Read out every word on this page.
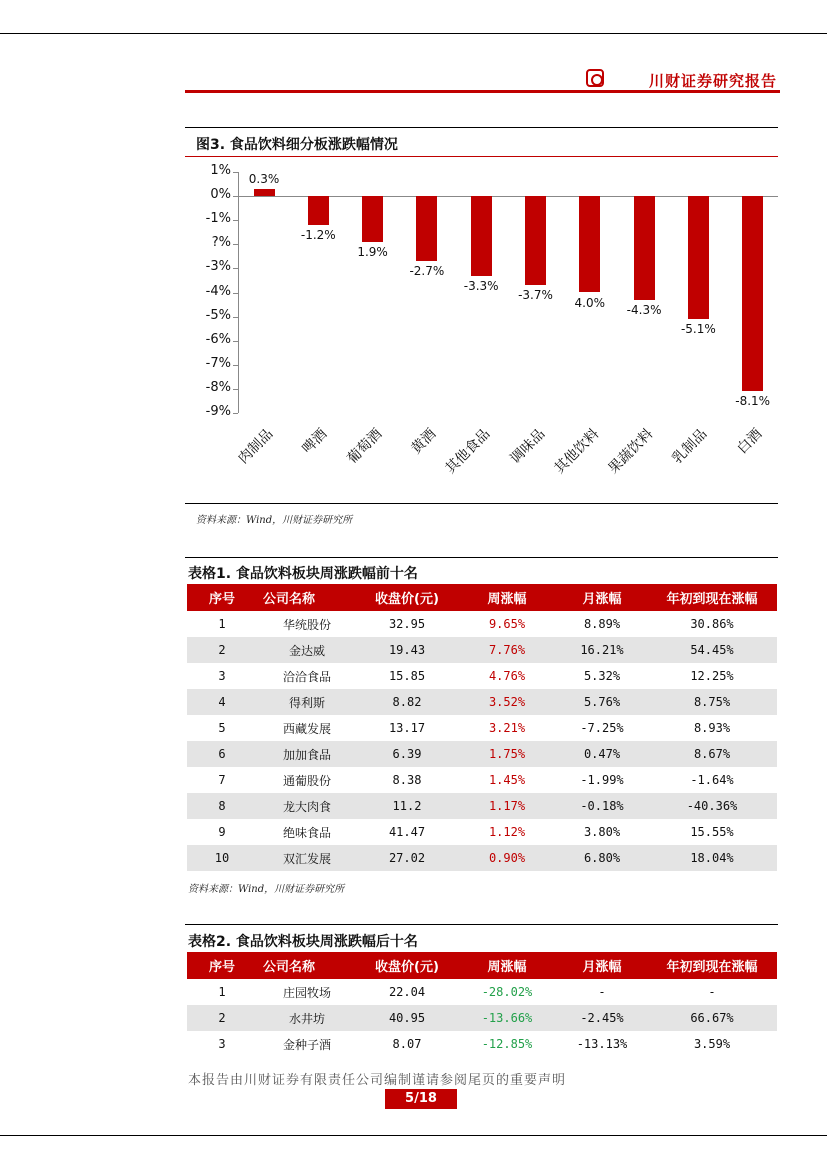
川财证券研究报告
图3. 食品饮料细分板涨跌幅情况
1%
0%
-1%
?%
-3%
-4%
-5%
-6%
-7%
-8%
-9%
0.3%
肉制品
-1.2%
啤酒
1.9%
葡萄酒
-2.7%
黄酒
-3.3%
其他食品
-3.7%
调味品
4.0%
其他饮料
-4.3%
果蔬饮料
-5.1%
乳制品
-8.1%
白酒
资料来源：Wind，川财证券研究所
表格1. 食品饮料板块周涨跌幅前十名
序号	公司名称	收盘价(元)	周涨幅	月涨幅	年初到现在涨幅
1	华统股份	32.95	9.65%	8.89%	30.86%
2	金达威	19.43	7.76%	16.21%	54.45%
3	洽洽食品	15.85	4.76%	5.32%	12.25%
4	得利斯	8.82	3.52%	5.76%	8.75%
5	西藏发展	13.17	3.21%	-7.25%	8.93%
6	加加食品	6.39	1.75%	0.47%	8.67%
7	通葡股份	8.38	1.45%	-1.99%	-1.64%
8	龙大肉食	11.2	1.17%	-0.18%	-40.36%
9	绝味食品	41.47	1.12%	3.80%	15.55%
10	双汇发展	27.02	0.90%	6.80%	18.04%
资料来源：Wind，川财证券研究所
表格2. 食品饮料板块周涨跌幅后十名
序号	公司名称	收盘价(元)	周涨幅	月涨幅	年初到现在涨幅
1	庄园牧场	22.04	-28.02%	-	-
2	水井坊	40.95	-13.66%	-2.45%	66.67%
3	金种子酒	8.07	-12.85%	-13.13%	3.59%
本报告由川财证券有限责任公司编制谨请参阅尾页的重要声明
5/18
